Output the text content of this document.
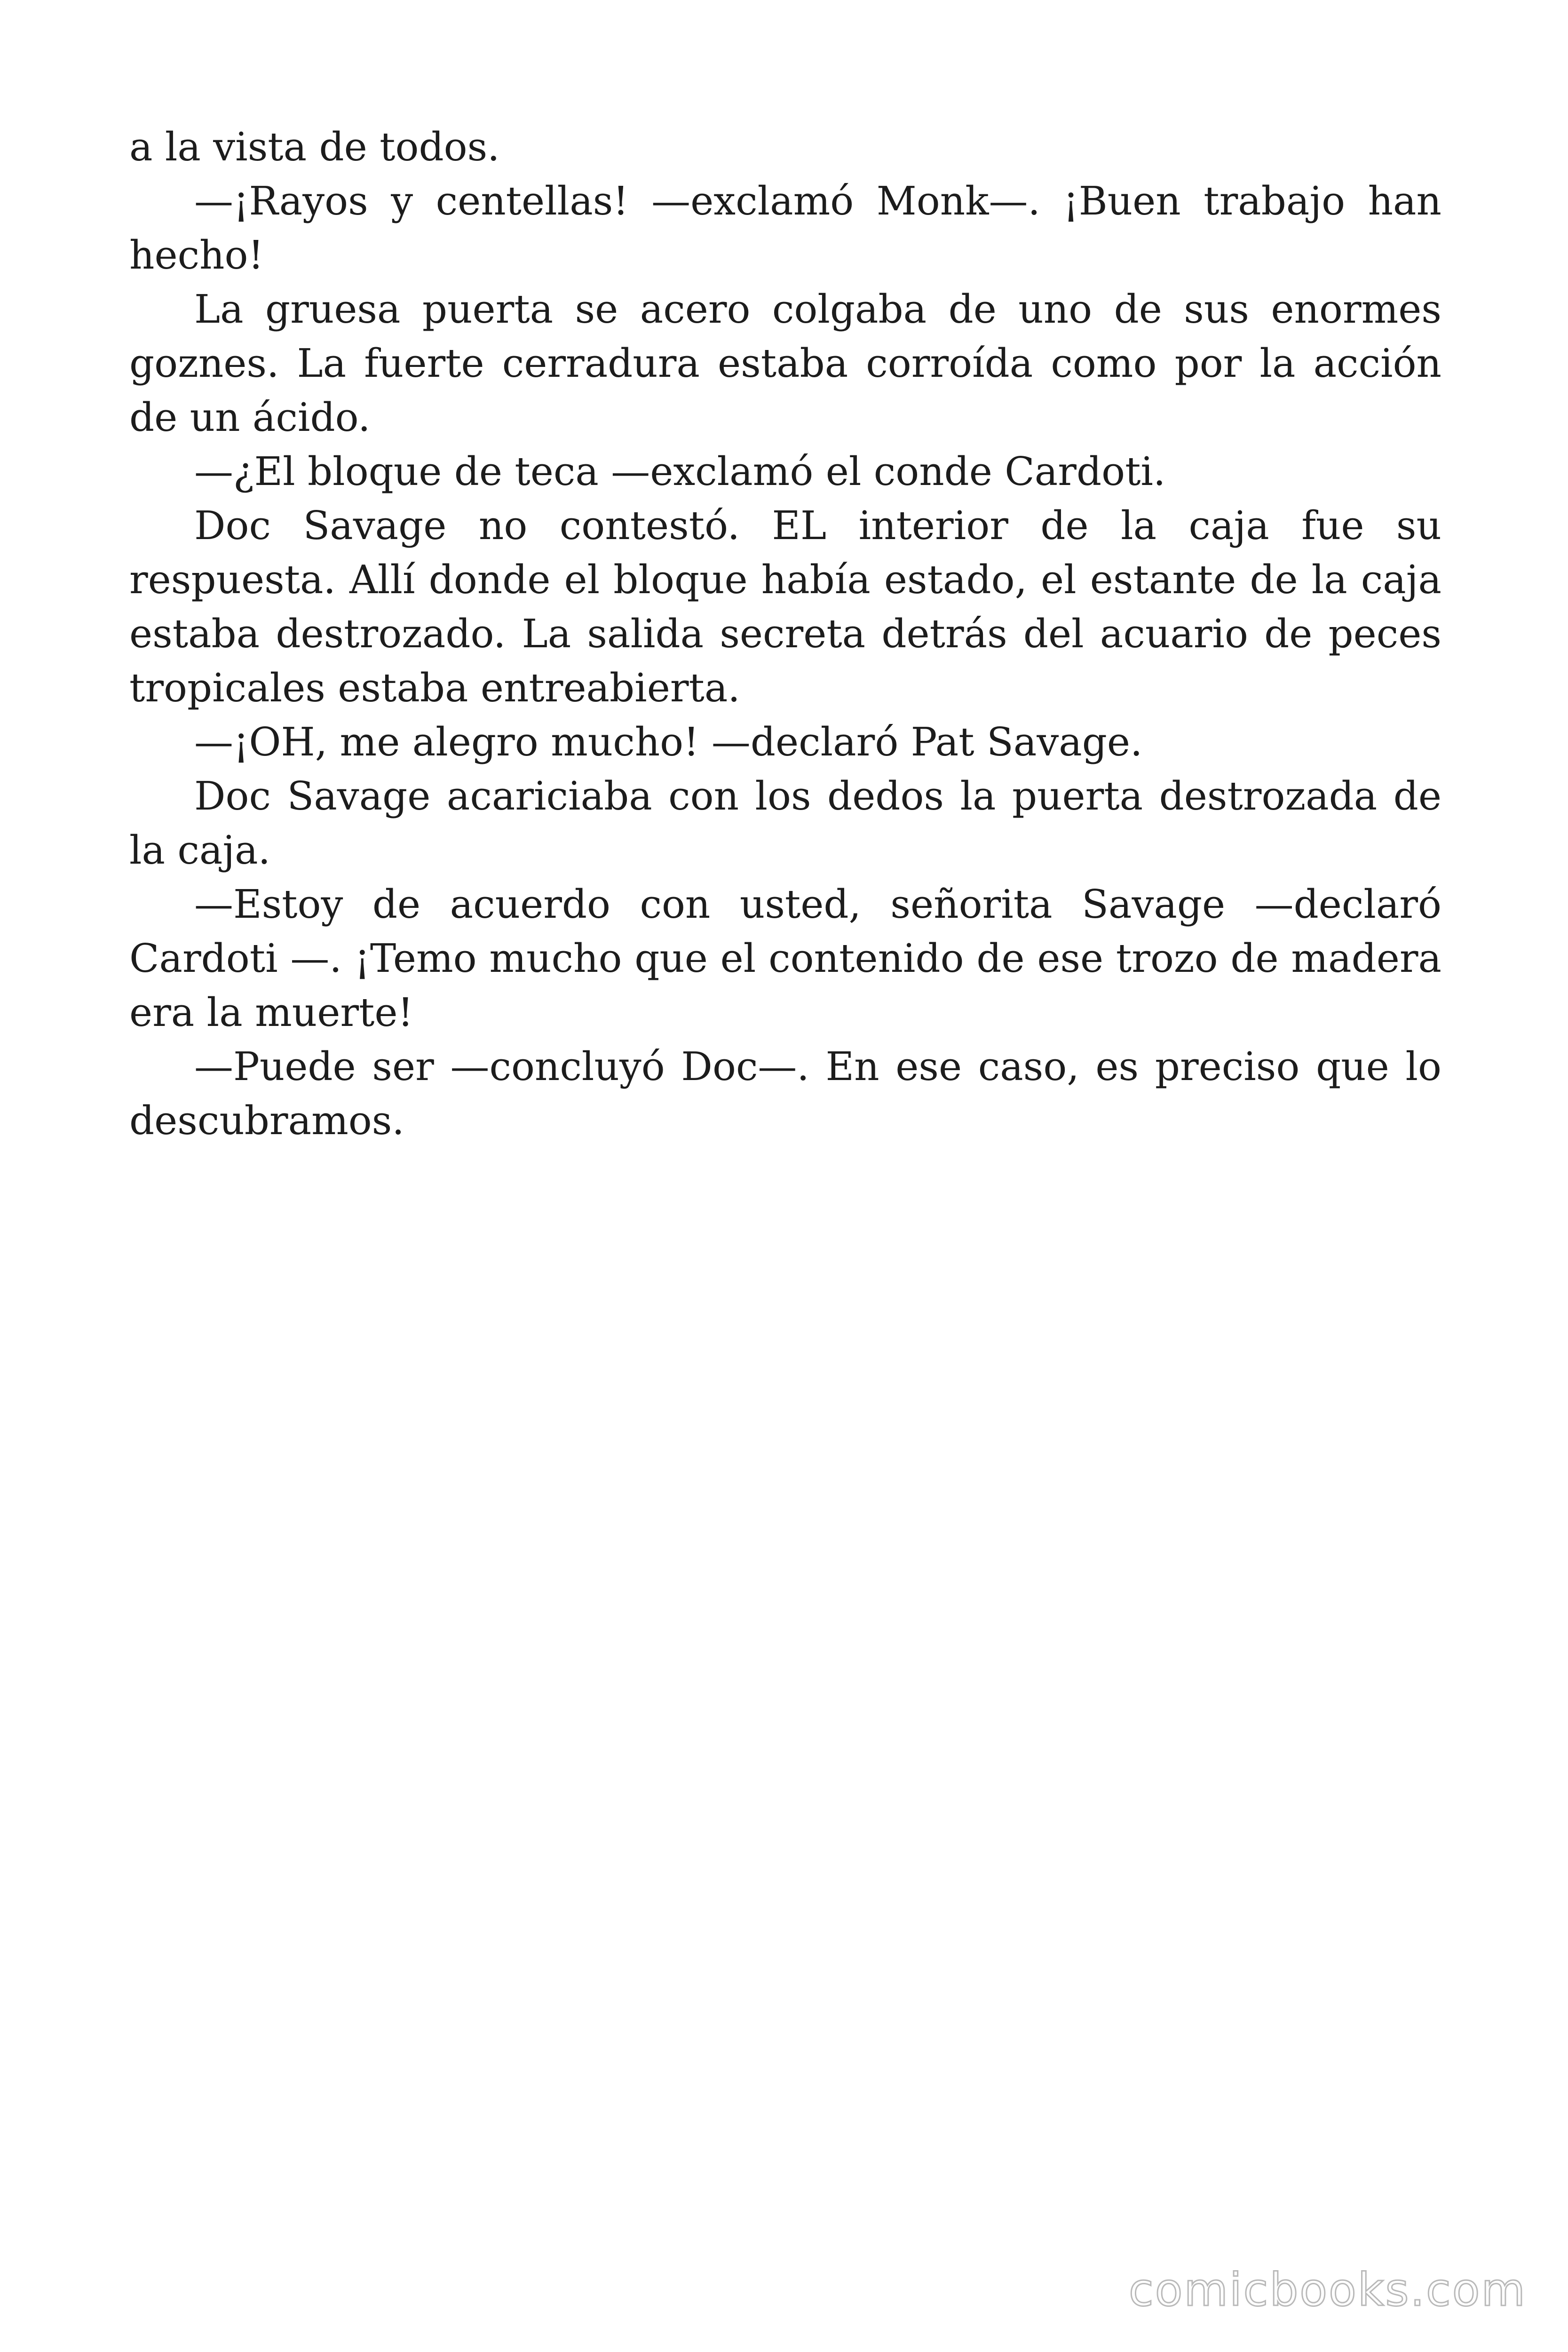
a la vista de todos.

—¡Rayos y centellas! —exclamó Monk—. ¡Buen trabajo han hecho!

La gruesa puerta se acero colgaba de uno de sus enormes goznes. La fuerte cerradura estaba corroída como por la acción de un ácido.

—¿El bloque de teca —exclamó el conde Cardoti.

Doc Savage no contestó. EL interior de la caja fue su respuesta. Allí donde el bloque había estado, el estante de la caja estaba destrozado. La salida secreta detrás del acuario de peces tropicales estaba entreabierta.

—¡OH, me alegro mucho! —declaró Pat Savage.

Doc Savage acariciaba con los dedos la puerta destrozada de la caja.

—Estoy de acuerdo con usted, señorita Savage —declaró Cardoti —. ¡Temo mucho que el contenido de ese trozo de madera era la muerte!

—Puede ser —concluyó Doc—. En ese caso, es preciso que lo descubramos.

comicbooks.com
